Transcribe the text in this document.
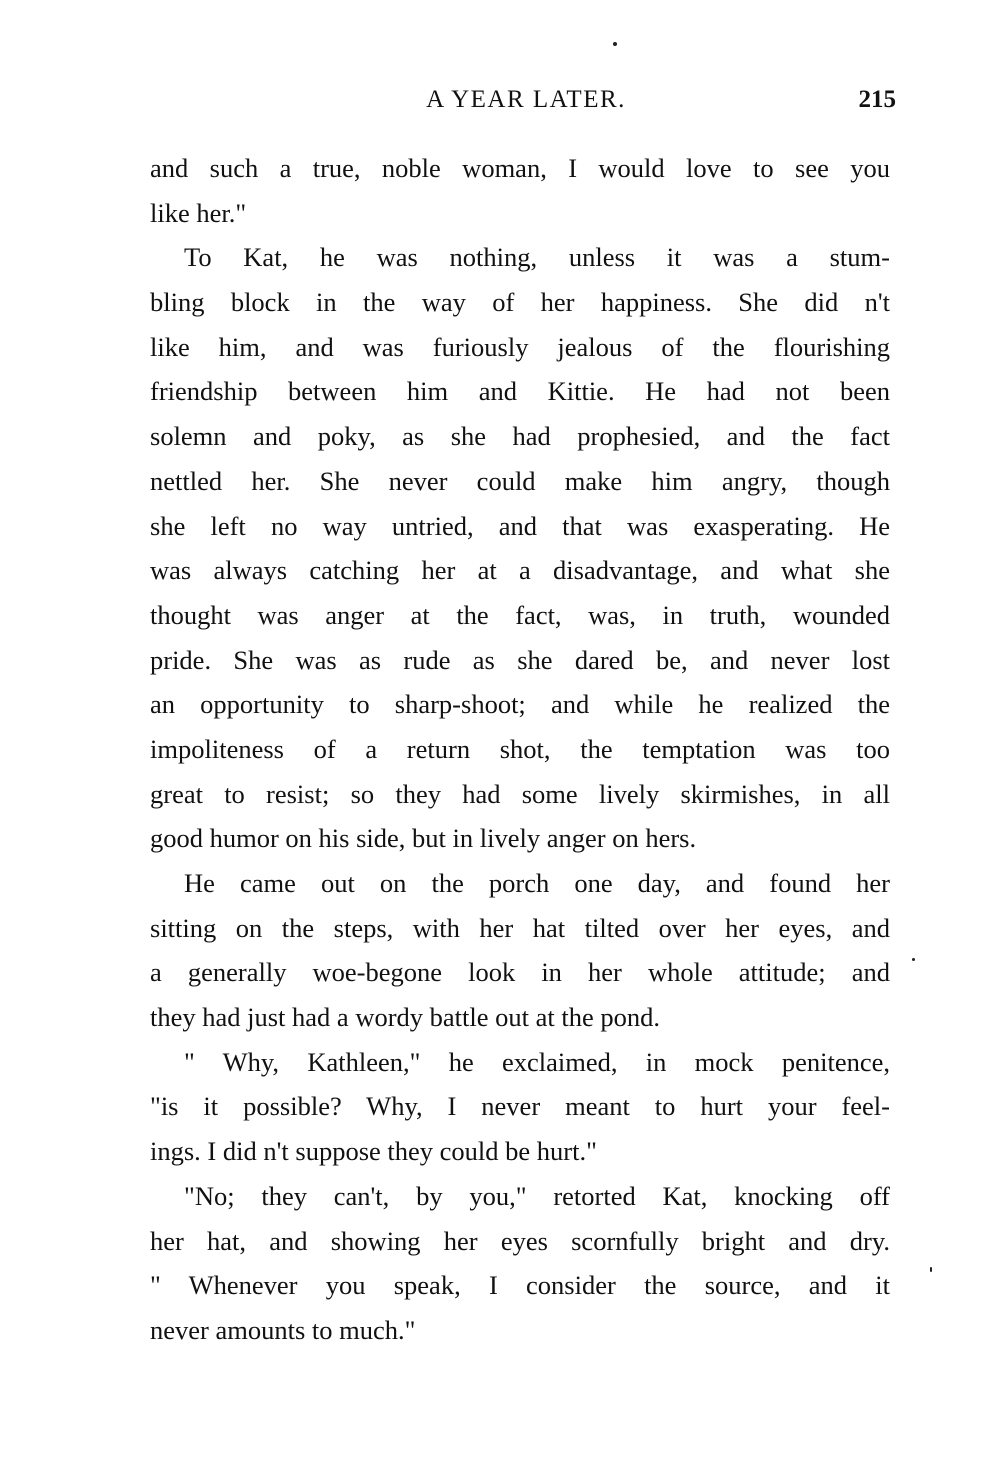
A YEAR LATER.	215
and such a true, noble woman, I would love to see you
like her."
To Kat, he was nothing, unless it was a stum-
bling block in the way of her happiness. She did n't
like him, and was furiously jealous of the flourishing
friendship between him and Kittie. He had not been
solemn and poky, as she had prophesied, and the fact
nettled her. She never could make him angry, though
she left no way untried, and that was exasperating. He
was always catching her at a disadvantage, and what she
thought was anger at the fact, was, in truth, wounded
pride. She was as rude as she dared be, and never lost
an opportunity to sharp-shoot; and while he realized the
impoliteness of a return shot, the temptation was too
great to resist; so they had some lively skirmishes, in all
good humor on his side, but in lively anger on hers.
He came out on the porch one day, and found her
sitting on the steps, with her hat tilted over her eyes, and
a generally woe-begone look in her whole attitude; and
they had just had a wordy battle out at the pond.
" Why, Kathleen," he exclaimed, in mock penitence,
"is it possible? Why, I never meant to hurt your feel-
ings. I did n't suppose they could be hurt."
"No; they can't, by you," retorted Kat, knocking off
her hat, and showing her eyes scornfully bright and dry.
" Whenever you speak, I consider the source, and it
never amounts to much."
